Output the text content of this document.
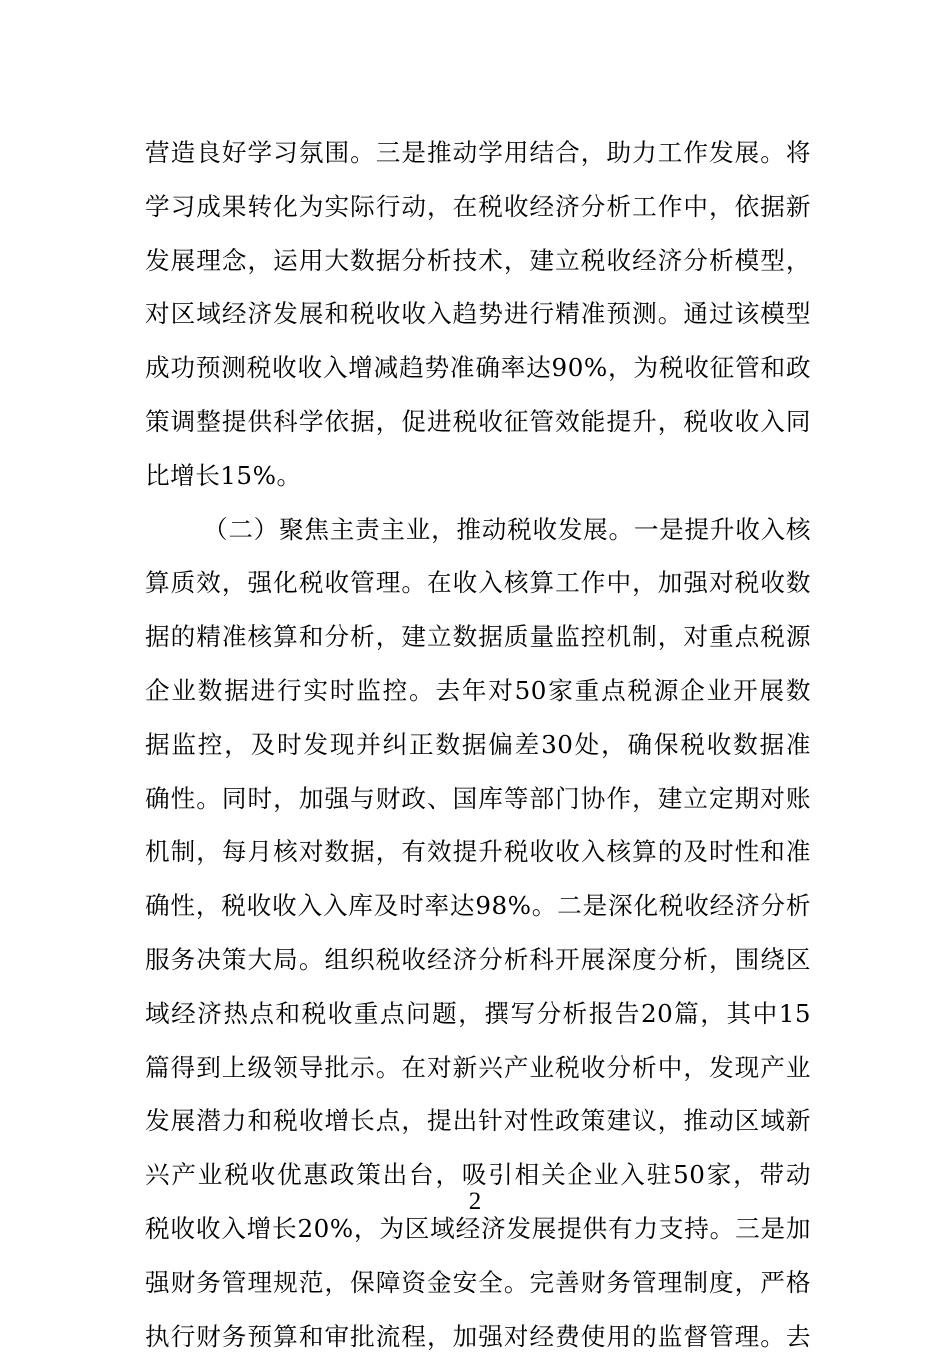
营造良好学习氛围。三是推动学用结合，助力工作发展。将
学习成果转化为实际行动，在税收经济分析工作中，依据新
发展理念，运用大数据分析技术，建立税收经济分析模型，
对区域经济发展和税收收入趋势进行精准预测。通过该模型
成功预测税收收入增减趋势准确率达90%，为税收征管和政
策调整提供科学依据，促进税收征管效能提升，税收收入同
比增长15%。
（二）聚焦主责主业，推动税收发展。一是提升收入核
算质效，强化税收管理。在收入核算工作中，加强对税收数
据的精准核算和分析，建立数据质量监控机制，对重点税源
企业数据进行实时监控。去年对50家重点税源企业开展数
据监控，及时发现并纠正数据偏差30处，确保税收数据准
确性。同时，加强与财政、国库等部门协作，建立定期对账
机制，每月核对数据，有效提升税收收入核算的及时性和准
确性，税收收入入库及时率达98%。二是深化税收经济分析
服务决策大局。组织税收经济分析科开展深度分析，围绕区
域经济热点和税收重点问题，撰写分析报告20篇，其中15
篇得到上级领导批示。在对新兴产业税收分析中，发现产业
发展潜力和税收增长点，提出针对性政策建议，推动区域新
兴产业税收优惠政策出台，吸引相关企业入驻50家，带动
税收收入增长20%，为区域经济发展提供有力支持。三是加
强财务管理规范，保障资金安全。完善财务管理制度，严格
执行财务预算和审批流程，加强对经费使用的监督管理。去
2
